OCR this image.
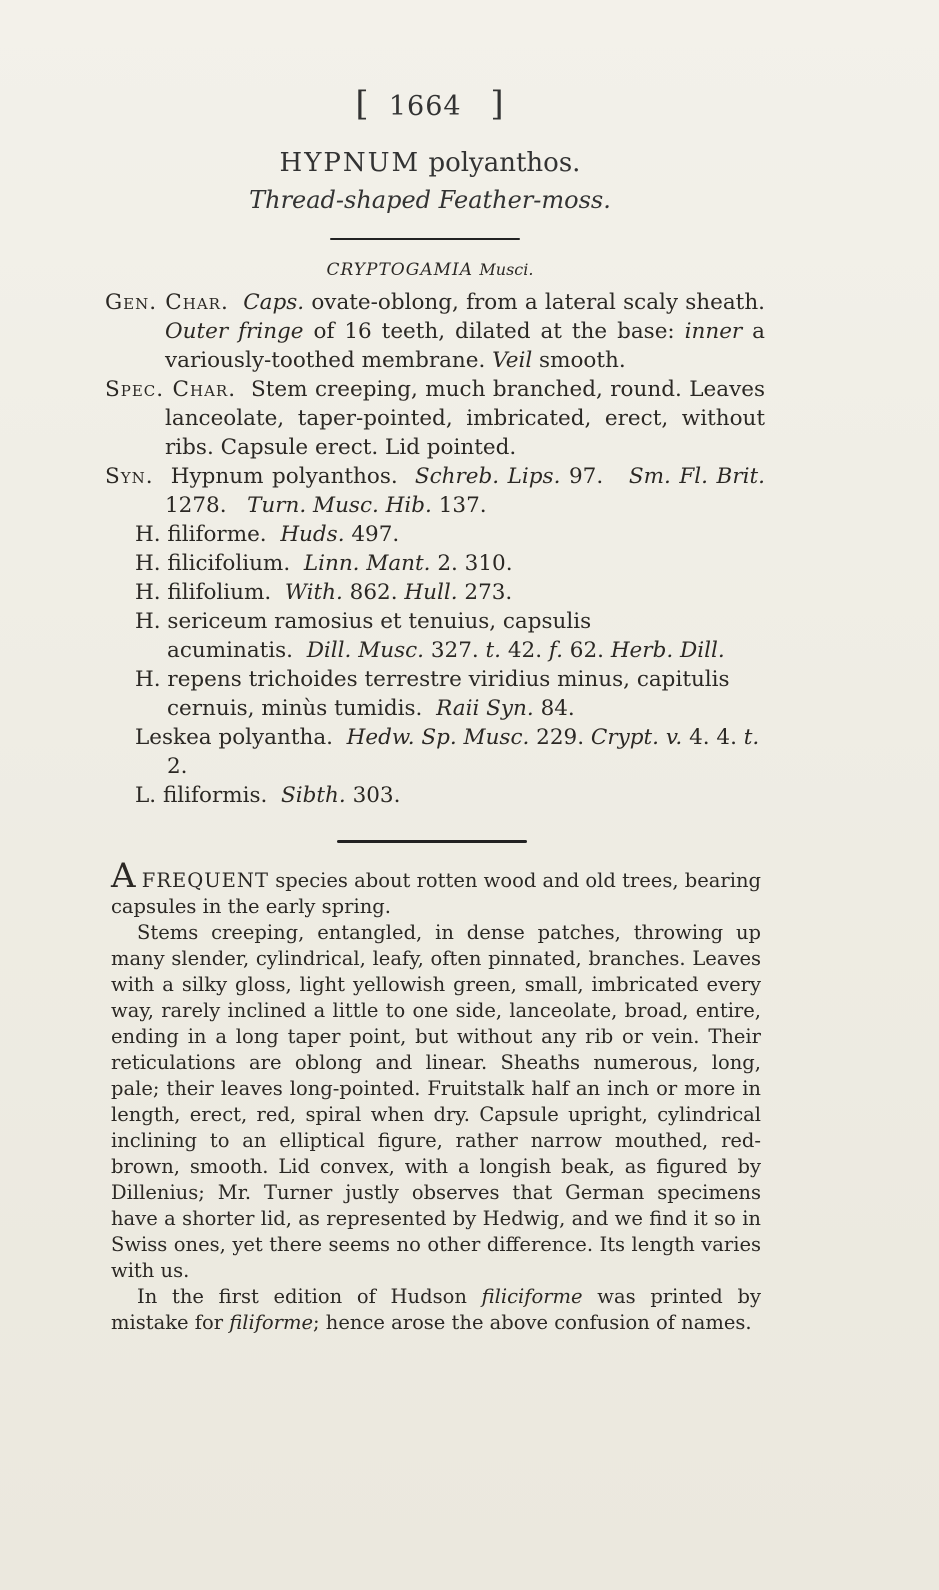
[ 1664 ]
HYPNUM polyanthos.
Thread-shaped Feather-moss.
CRYPTOGAMIA Musci.

Gen. Char. Caps. ovate-oblong, from a lateral scaly sheath. Outer fringe of 16 teeth, dilated at the base: inner a variously-toothed membrane. Veil smooth.

Spec. Char. Stem creeping, much branched, round. Leaves lanceolate, taper-pointed, imbricated, erect, without ribs. Capsule erect. Lid pointed.

Syn. Hypnum polyanthos. Schreb. Lips. 97. Sm. Fl. Brit. 1278. Turn. Musc. Hib. 137.

H. filiforme.  Huds. 497.

H. filicifolium.  Linn. Mant. 2. 310.

H. filifolium.  With. 862. Hull. 273.

H. sericeum ramosius et tenuius, capsulis acuminatis.  Dill. Musc. 327. t. 42. f. 62. Herb. Dill.

H. repens trichoides terrestre viridius minus, capitulis cernuis, minùs tumidis.  Raii Syn. 84.

Leskea polyantha.  Hedw. Sp. Musc. 229. Crypt. v. 4. 4. t. 2.

L. filiformis.  Sibth. 303.

A FREQUENT species about rotten wood and old trees, bearing capsules in the early spring.

Stems creeping, entangled, in dense patches, throwing up many slender, cylindrical, leafy, often pinnated, branches. Leaves with a silky gloss, light yellowish green, small, imbricated every way, rarely inclined a little to one side, lanceolate, broad, entire, ending in a long taper point, but without any rib or vein. Their reticulations are oblong and linear. Sheaths numerous, long, pale; their leaves long-pointed. Fruitstalk half an inch or more in length, erect, red, spiral when dry. Capsule upright, cylindrical inclining to an elliptical figure, rather narrow mouthed, red-brown, smooth. Lid convex, with a longish beak, as figured by Dillenius; Mr. Turner justly observes that German specimens have a shorter lid, as represented by Hedwig, and we find it so in Swiss ones, yet there seems no other difference. Its length varies with us.

In the first edition of Hudson filiciforme was printed by mistake for filiforme; hence arose the above confusion of names.
